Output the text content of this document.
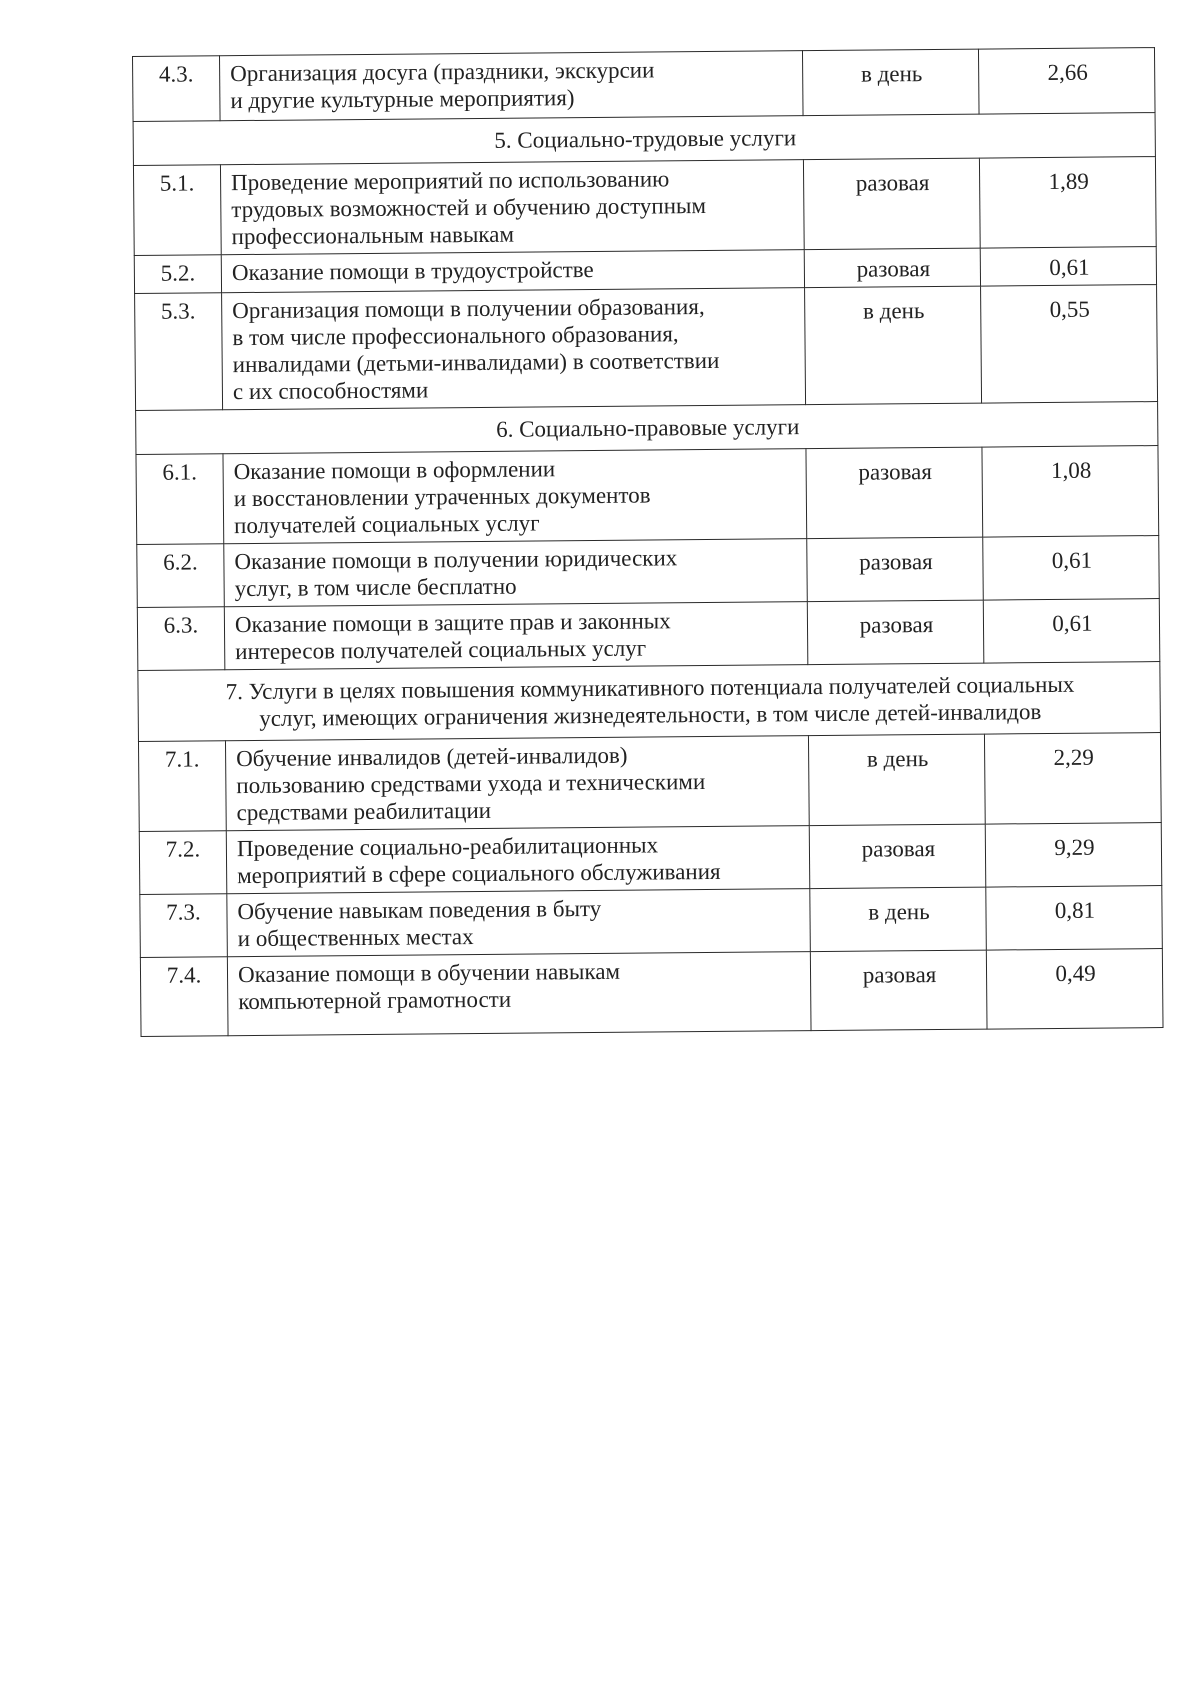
4.3.	Организация досуга (праздники, экскурсии
и другие культурные мероприятия)	в день	2,66
5. Социально-трудовые услуги			
5.1.	Проведение мероприятий по использованию
трудовых возможностей и обучению доступным
профессиональным навыкам	разовая	1,89
5.2.	Оказание помощи в трудоустройстве	разовая	0,61
5.3.	Организация помощи в получении образования,
в том числе профессионального образования,
инвалидами (детьми-инвалидами) в соответствии
с их способностями	в день	0,55
6. Социально-правовые услуги			
6.1.	Оказание помощи в оформлении
и восстановлении утраченных документов
получателей социальных услуг	разовая	1,08
6.2.	Оказание помощи в получении юридических
услуг, в том числе бесплатно	разовая	0,61
6.3.	Оказание помощи в защите прав и законных
интересов получателей социальных услуг	разовая	0,61
7. Услуги в целях повышения коммуникативного потенциала получателей социальных
услуг, имеющих ограничения жизнедеятельности, в том числе детей-инвалидов			
7.1.	Обучение инвалидов (детей-инвалидов)
пользованию средствами ухода и техническими
средствами реабилитации	в день	2,29
7.2.	Проведение социально-реабилитационных
мероприятий в сфере социального обслуживания	разовая	9,29
7.3.	Обучение навыкам поведения в быту
и общественных местах	в день	0,81
7.4.	Оказание помощи в обучении навыкам
компьютерной грамотности	разовая	0,49
